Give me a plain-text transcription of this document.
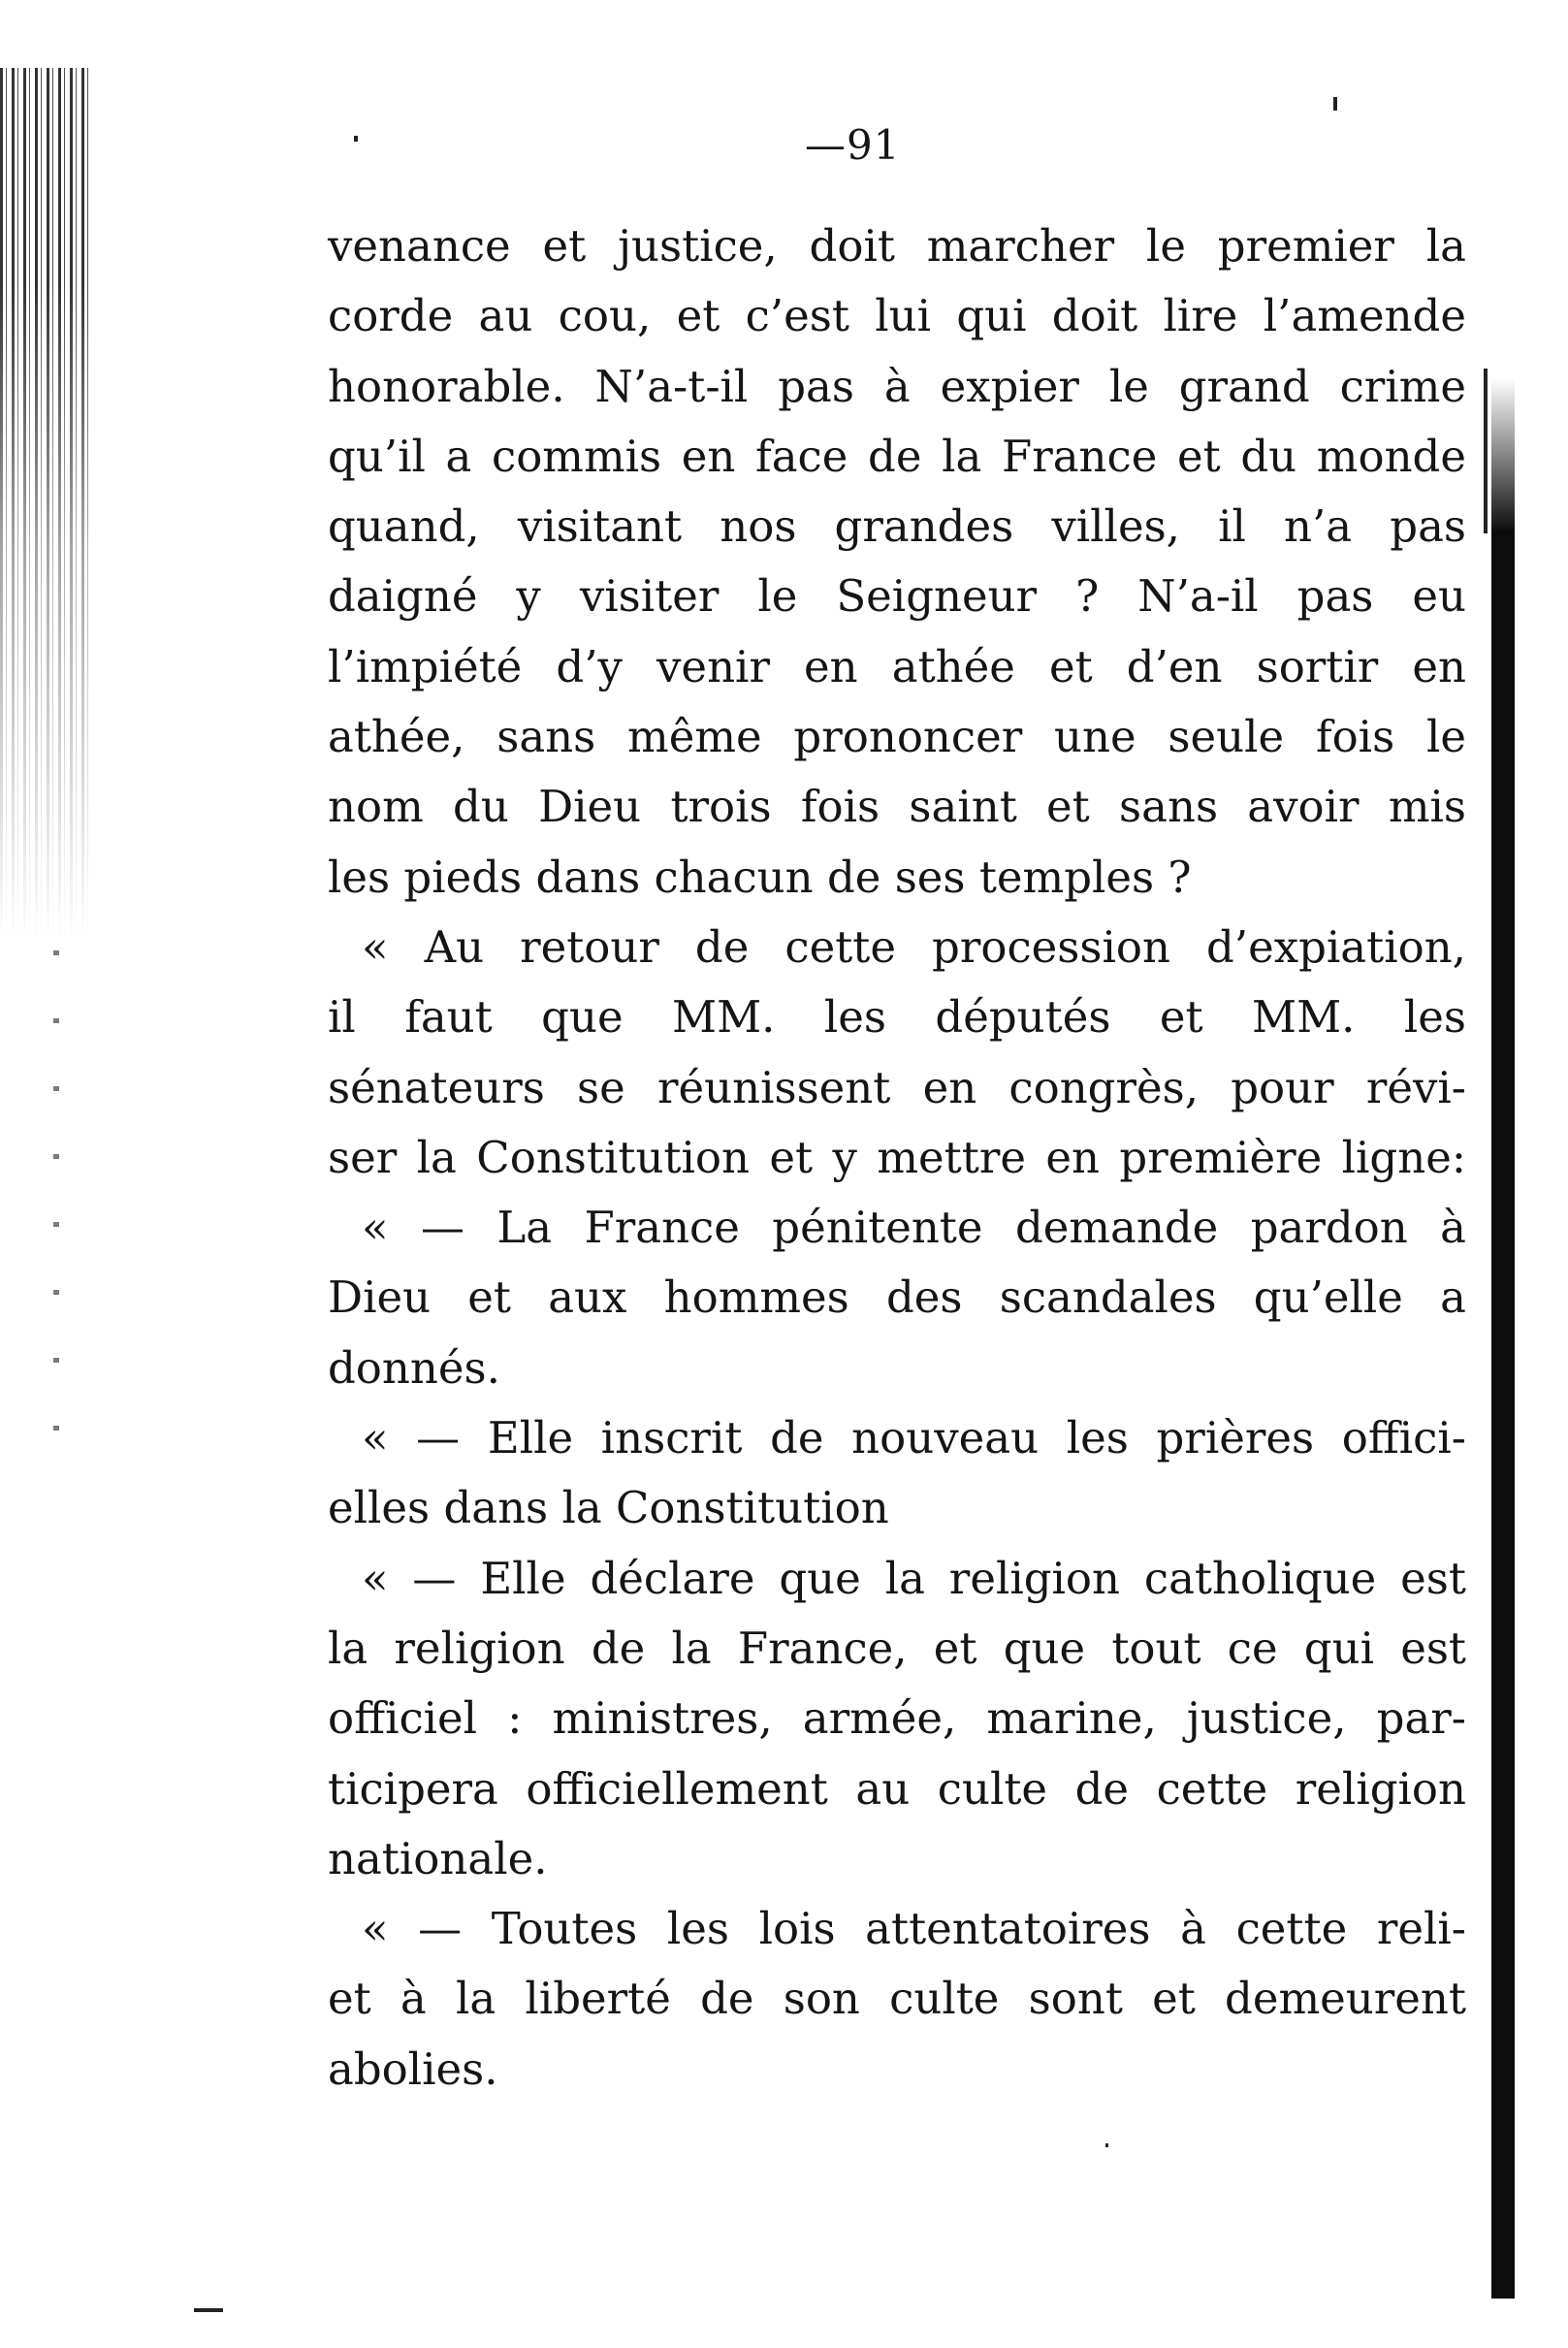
—91
venance et justice, doit marcher le premier la
corde au cou, et c’est lui qui doit lire l’amende
honorable. N’a-t-il pas à expier le grand crime
qu’il a commis en face de la France et du monde
quand, visitant nos grandes villes, il n’a pas
daigné y visiter le Seigneur ? N’a-il pas eu
l’impiété d’y venir en athée et d’en sortir en
athée, sans même prononcer une seule fois le
nom du Dieu trois fois saint et sans avoir mis
les pieds dans chacun de ses temples ?
« Au retour de cette procession d’expiation,
il faut que MM. les députés et MM. les
sénateurs se réunissent en congrès, pour révi-
ser la Constitution et y mettre en première ligne:
« — La France pénitente demande pardon à
Dieu et aux hommes des scandales qu’elle a
donnés.
« — Elle inscrit de nouveau les prières offici-
elles dans la Constitution
« — Elle déclare que la religion catholique est
la religion de la France, et que tout ce qui est
officiel : ministres, armée, marine, justice, par-
ticipera officiellement au culte de cette religion
nationale.
« — Toutes les lois attentatoires à cette reli-
et à la liberté de son culte sont et demeurent
abolies.
